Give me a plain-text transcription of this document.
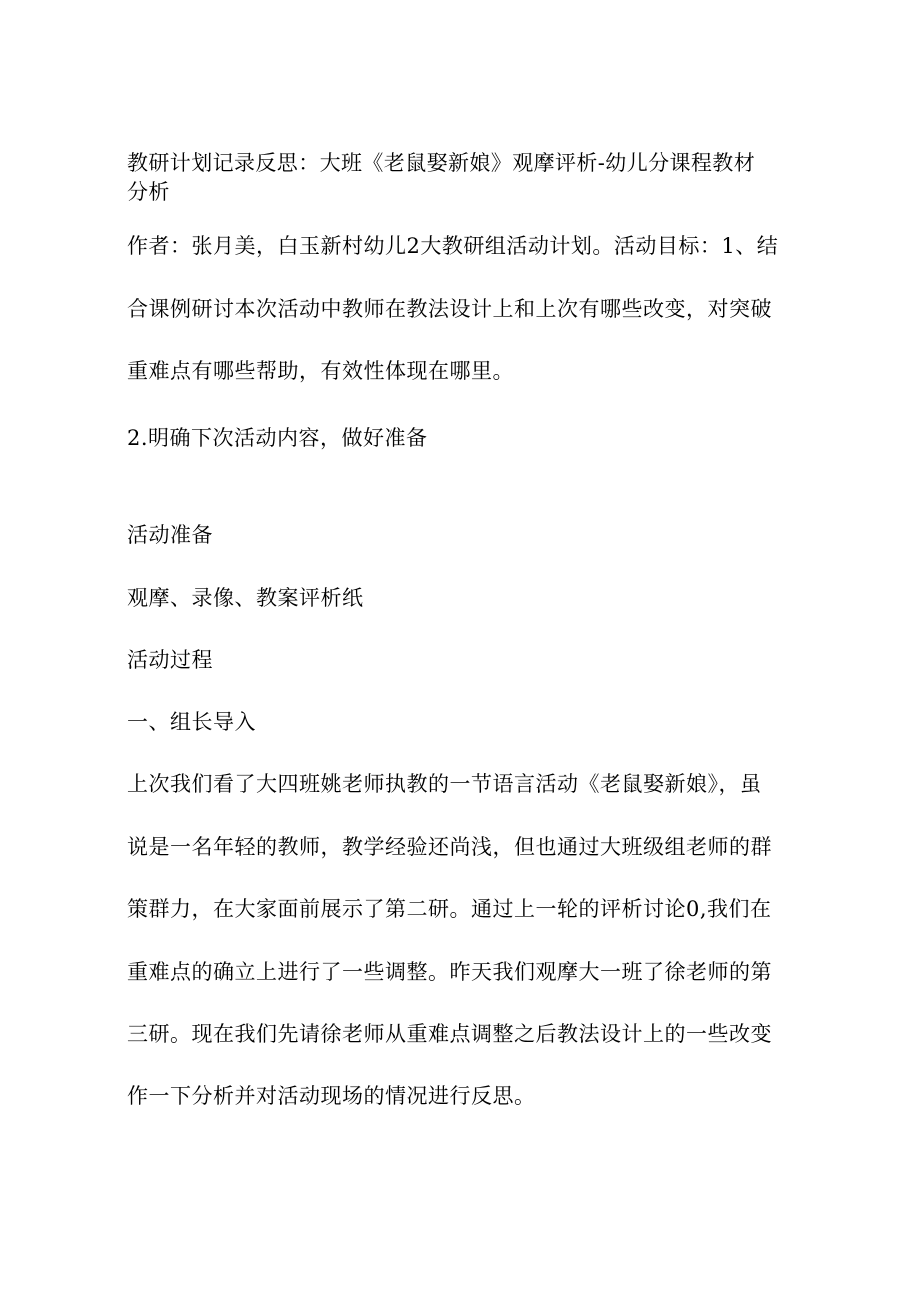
教研计划记录反思：大班《老鼠娶新娘》观摩评析-幼儿分课程教材
分析
作者：张月美，白玉新村幼儿2大教研组活动计划。活动目标：1、结
合课例研讨本次活动中教师在教法设计上和上次有哪些改变，对突破
重难点有哪些帮助，有效性体现在哪里。
2.明确下次活动内容，做好准备
活动准备
观摩、录像、教案评析纸
活动过程
一、组长导入
上次我们看了大四班姚老师执教的一节语言活动《老鼠娶新娘》，虽
说是一名年轻的教师，教学经验还尚浅，但也通过大班级组老师的群
策群力，在大家面前展示了第二研。通过上一轮的评析讨论0,我们在
重难点的确立上进行了一些调整。昨天我们观摩大一班了徐老师的第
三研。现在我们先请徐老师从重难点调整之后教法设计上的一些改变
作一下分析并对活动现场的情况进行反思。
